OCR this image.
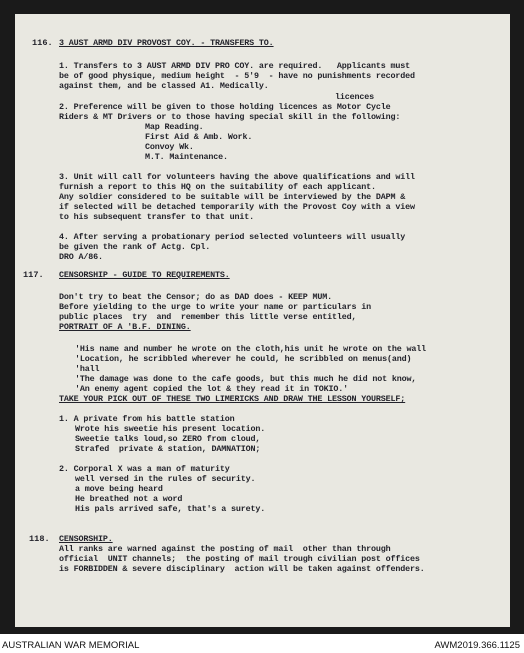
116. 3 AUST ARMD DIV PROVOST COY. - TRANSFERS TO.
1. Transfers to 3 AUST ARMD DIV PRO COY. are required.   Applicants must
be of good physique, medium height  - 5'9  - have no punishments recorded
against them, and be classed A1. Medically.
licences
2. Preference will be given to those holding licences as Motor Cycle
Riders & MT Drivers or to those having special skill in the following:
Map Reading.
First Aid & Amb. Work.
Convoy Wk.
M.T. Maintenance.
3. Unit will call for volunteers having the above qualifications and will
furnish a report to this HQ on the suitability of each applicant.
Any soldier considered to be suitable will be interviewed by the DAPM &
if selected will be detached temporarily with the Provost Coy with a view
to his subsequent transfer to that unit.
4. After serving a probationary period selected volunteers will usually
be given the rank of Actg. Cpl.
DRO A/86.
117. CENSORSHIP - GUIDE TO REQUIREMENTS.
Don't try to beat the Censor; do as DAD does - KEEP MUM.
Before yielding to the urge to write your name or particulars in
public places  try  and  remember this little verse entitled,
PORTRAIT OF A 'B.F. DINING.
'His name and number he wrote on the cloth,his unit he wrote on the wall
'Location, he scribbled wherever he could, he scribbled on menus(and)
'hall
'The damage was done to the cafe goods, but this much he did not know,
'An enemy agent copied the lot & they read it in TOKIO.'
TAKE YOUR PICK OUT OF THESE TWO LIMERICKS AND DRAW THE LESSON YOURSELF;
1. A private from his battle station
Wrote his sweetie his present location.
Sweetie talks loud,so ZERO from cloud,
Strafed  private & station, DAMNATION;
2. Corporal X was a man of maturity
well versed in the rules of security.
a move being heard
He breathed not a word
His pals arrived safe, that's a surety.
118. CENSORSHIP.
All ranks are warned against the posting of mail  other than through
official  UNIT channels;  the posting of mail trough civilian post offices
is FORBIDDEN & severe disciplinary  action will be taken against offenders.
AUSTRALIAN WAR MEMORIAL	AWM2019.366.1125
